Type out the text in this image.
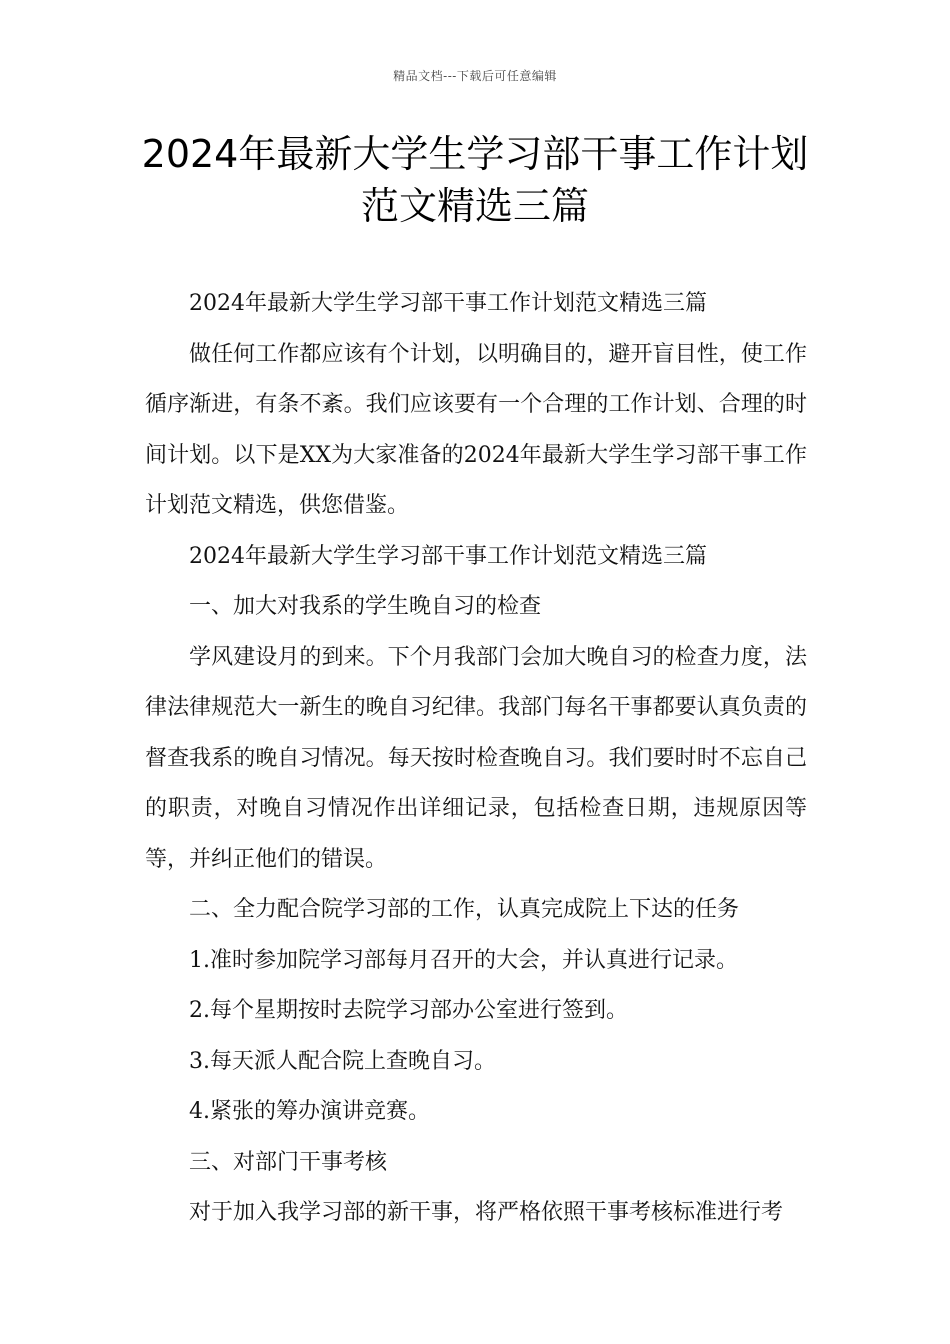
精品文档---下载后可任意编辑
2024年最新大学生学习部干事工作计划
范文精选三篇

2024年最新大学生学习部干事工作计划范文精选三篇

做任何工作都应该有个计划，以明确目的，避开盲目性，使工作循序渐进，有条不紊。我们应该要有一个合理的工作计划、合理的时间计划。以下是XX为大家准备的2024年最新大学生学习部干事工作计划范文精选，供您借鉴。

2024年最新大学生学习部干事工作计划范文精选三篇

一、加大对我系的学生晚自习的检查

学风建设月的到来。下个月我部门会加大晚自习的检查力度，法律法律规范大一新生的晚自习纪律。我部门每名干事都要认真负责的督查我系的晚自习情况。每天按时检查晚自习。我们要时时不忘自己的职责，对晚自习情况作出详细记录，包括检查日期，违规原因等等，并纠正他们的错误。

二、全力配合院学习部的工作，认真完成院上下达的任务

1.准时参加院学习部每月召开的大会，并认真进行记录。

2.每个星期按时去院学习部办公室进行签到。

3.每天派人配合院上查晚自习。

4.紧张的筹办演讲竞赛。

三、对部门干事考核

对于加入我学习部的新干事，将严格依照干事考核标准进行考
